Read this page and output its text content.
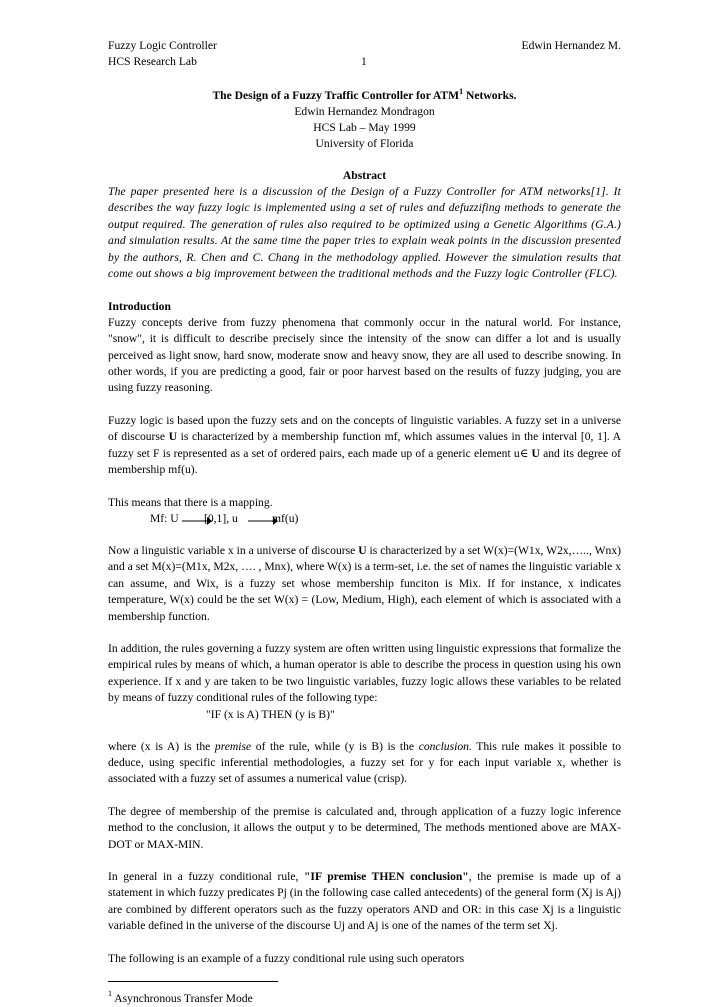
Fuzzy Logic Controller	Edwin Hernandez M.
HCS Research Lab	1
The Design of a Fuzzy Traffic Controller for ATM$^1$ Networks.
Edwin Hernandez Mondragon
HCS Lab – May 1999
University of Florida
Abstract

The paper presented here is a discussion of the Design of a Fuzzy Controller for ATM networks[1]. It describes the way fuzzy logic is implemented using a set of rules and defuzzifing methods to generate the output required. The generation of rules also required to be optimized using a Genetic Algorithms (G.A.) and simulation results. At the same time the paper tries to explain weak points in the discussion presented by the authors, R. Chen and C. Chang in the methodology applied. However the simulation results that come out shows a big improvement between the traditional methods and the Fuzzy logic Controller (FLC).

Introduction

Fuzzy concepts derive from fuzzy phenomena that commonly occur in the natural world. For instance, "snow", it is difficult to describe precisely since the intensity of the snow can differ a lot and is usually perceived as light snow, hard snow, moderate snow and heavy snow, they are all used to describe snowing. In other words, if you are predicting a good, fair or poor harvest based on the results of fuzzy judging, you are using fuzzy reasoning.

Fuzzy logic is based upon the fuzzy sets and on the concepts of linguistic variables. A fuzzy set in a universe of discourse U is characterized by a membership function mf, which assumes values in the interval [0, 1]. A fuzzy set F is represented as a set of ordered pairs, each made up of a generic element u∈ U and its degree of membership mf(u).

This means that there is a mapping.

Mf: U [0,1], u	mf(u)

Now a linguistic variable x in a universe of discourse U is characterized by a set W(x)=(W1x, W2x,….., Wnx) and a set M(x)=(M1x, M2x, …. , Mnx), where W(x) is a term-set, i.e. the set of names the linguistic variable x can assume, and Wix, is a fuzzy set whose membership funciton is Mix. If for instance, x indicates temperature, W(x) could be the set W(x) = (Low, Medium, High), each element of which is associated with a membership function.

In addition, the rules governing a fuzzy system are often written using linguistic expressions that formalize the empirical rules by means of which, a human operator is able to describe the process in question using his own experience. If x and y are taken to be two linguistic variables, fuzzy logic allows these variables to be related by means of fuzzy conditional rules of the following type:

"IF (x is A) THEN (y is B)"

where (x is A) is the premise of the rule, while (y is B) is the conclusion. This rule makes it possible to deduce, using specific inferential methodologies, a fuzzy set for y for each input variable x, whether is associated with a fuzzy set of assumes a numerical value (crisp).

The degree of membership of the premise is calculated and, through application of a fuzzy logic inference method to the conclusion, it allows the output y to be determined, The methods mentioned above are MAX-DOT or MAX-MIN.

In general in a fuzzy conditional rule, "IF premise THEN conclusion", the premise is made up of a statement in which fuzzy predicates Pj (in the following case called antecedents) of the general form (Xj is Aj) are combined by different operators such as the fuzzy operators AND and OR: in this case Xj is a linguistic variable defined in the universe of the discourse Uj and Aj is one of the names of the term set Xj.

The following is an example of a fuzzy conditional rule using such operators

$^1$ Asynchronous Transfer Mode
